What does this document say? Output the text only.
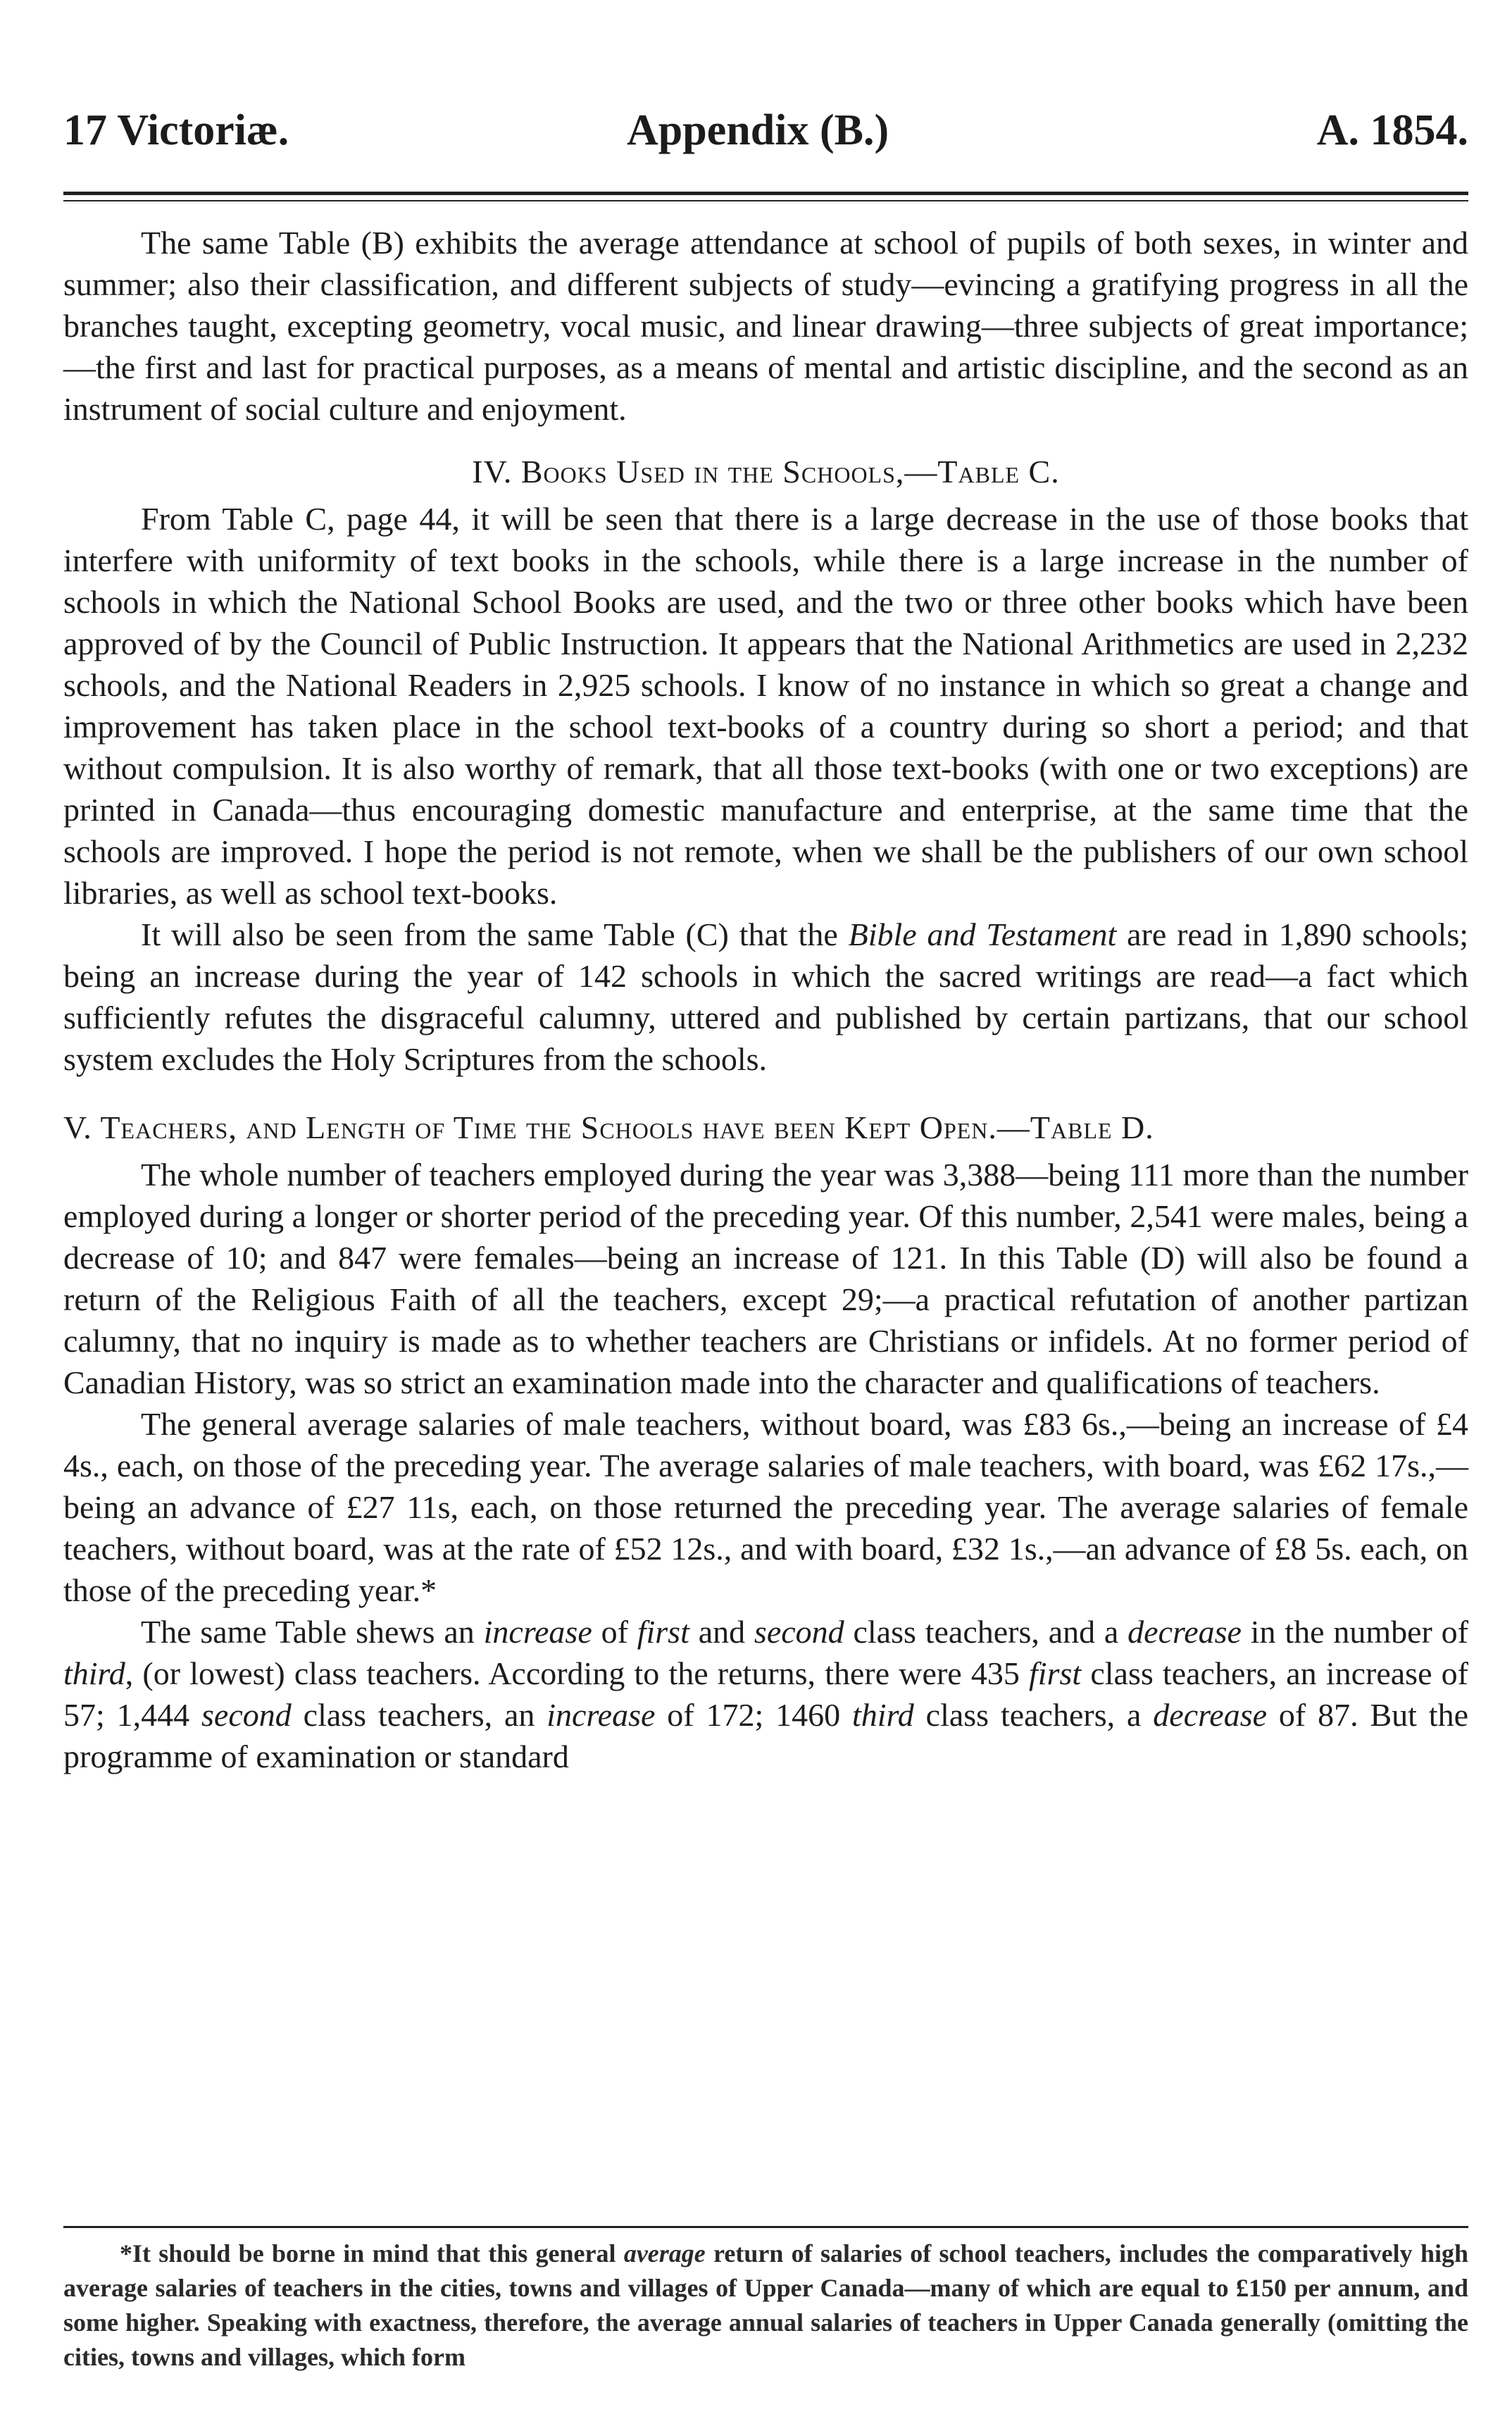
17 Victoriæ.	Appendix (B.)	A. 1854.

The same Table (B) exhibits the average attendance at school of pupils of both sexes, in winter and summer; also their classification, and different subjects of study—evincing a gratifying progress in all the branches taught, excepting geometry, vocal music, and linear drawing—three subjects of great importance;—the first and last for practical purposes, as a means of mental and artistic discipline, and the second as an instrument of social culture and enjoyment.

IV. Books Used in the Schools,—Table C.

From Table C, page 44, it will be seen that there is a large decrease in the use of those books that interfere with uniformity of text books in the schools, while there is a large increase in the number of schools in which the National School Books are used, and the two or three other books which have been approved of by the Council of Public Instruction. It appears that the National Arithmetics are used in 2,232 schools, and the National Readers in 2,925 schools. I know of no instance in which so great a change and improvement has taken place in the school text-books of a country during so short a period; and that without compulsion. It is also worthy of remark, that all those text-books (with one or two exceptions) are printed in Canada—thus encouraging domestic manufacture and enterprise, at the same time that the schools are improved. I hope the period is not remote, when we shall be the publishers of our own school libraries, as well as school text-books.

It will also be seen from the same Table (C) that the Bible and Testament are read in 1,890 schools; being an increase during the year of 142 schools in which the sacred writings are read—a fact which sufficiently refutes the disgraceful calumny, uttered and published by certain partizans, that our school system excludes the Holy Scriptures from the schools.

V. Teachers, and Length of Time the Schools have been Kept Open.—Table D.

The whole number of teachers employed during the year was 3,388—being 111 more than the number employed during a longer or shorter period of the preceding year. Of this number, 2,541 were males, being a decrease of 10; and 847 were females—being an increase of 121. In this Table (D) will also be found a return of the Religious Faith of all the teachers, except 29;—a practical refutation of another partizan calumny, that no inquiry is made as to whether teachers are Christians or infidels. At no former period of Canadian History, was so strict an examination made into the character and qualifications of teachers.

The general average salaries of male teachers, without board, was £83 6s.,—being an increase of £4 4s., each, on those of the preceding year. The average salaries of male teachers, with board, was £62 17s.,—being an advance of £27 11s, each, on those returned the preceding year. The average salaries of female teachers, without board, was at the rate of £52 12s., and with board, £32 1s.,—an advance of £8 5s. each, on those of the preceding year.*

The same Table shews an increase of first and second class teachers, and a decrease in the number of third, (or lowest) class teachers. According to the returns, there were 435 first class teachers, an increase of 57; 1,444 second class teachers, an increase of 172; 1460 third class teachers, a decrease of 87. But the programme of examination or standard

*It should be borne in mind that this general average return of salaries of school teachers, includes the comparatively high average salaries of teachers in the cities, towns and villages of Upper Canada—many of which are equal to £150 per annum, and some higher. Speaking with exactness, therefore, the average annual salaries of teachers in Upper Canada generally (omitting the cities, towns and villages, which form
